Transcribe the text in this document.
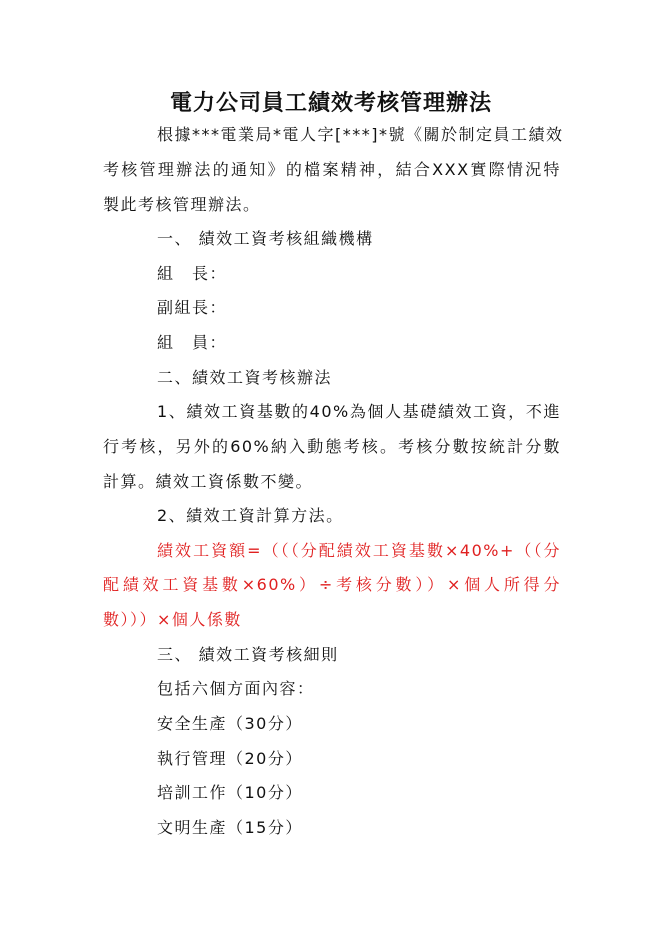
電力公司員工績效考核管理辦法
根據***電業局*電人字[***]*號《關於制定員工績效
考核管理辦法的通知》的檔案精神，結合XXX實際情況特
製此考核管理辦法。
一、 績效工資考核組織機構
組　長：
副組長：
組　員：
二、績效工資考核辦法
1、績效工資基數的40%為個人基礎績效工資，不進
行考核，另外的60%納入動態考核。考核分數按統計分數
計算。績效工資係數不變。
2、績效工資計算方法。
績效工資額=（（（分配績效工資基數×40%+（（分
配績效工資基數×60%）÷考核分數））×個人所得分
數）））×個人係數
三、 績效工資考核細則
包括六個方面內容：
安全生產（30分）
執行管理（20分）
培訓工作（10分）
文明生產（15分）
